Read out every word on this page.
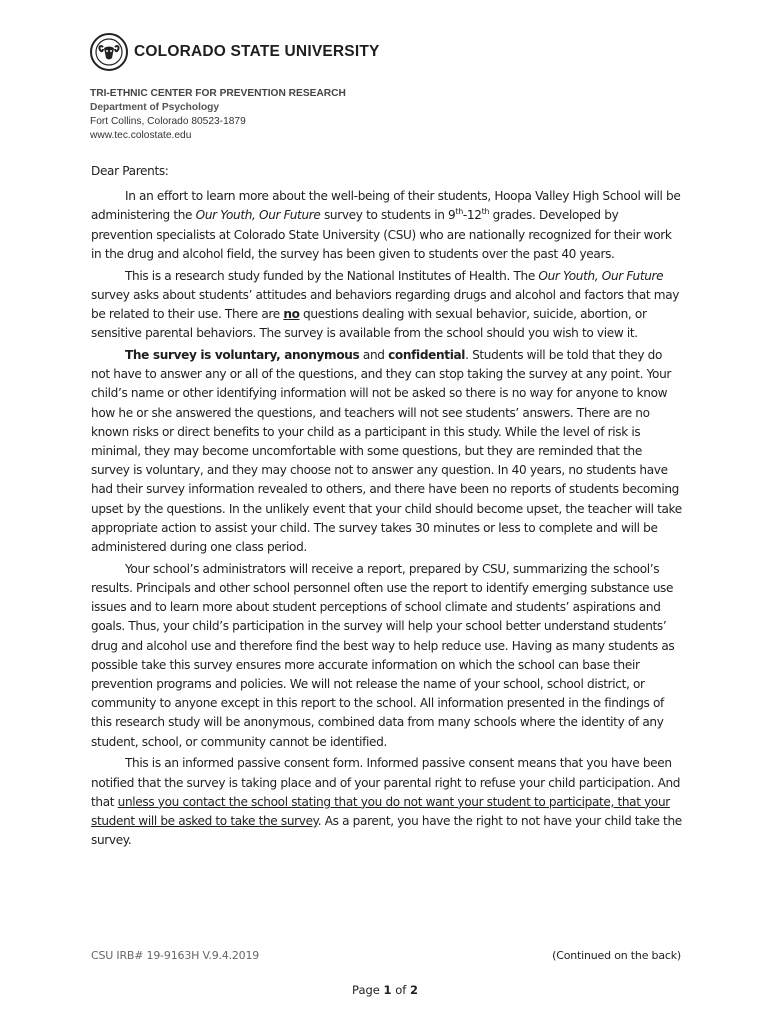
COLORADO STATE UNIVERSITY
TRI-ETHNIC CENTER FOR PREVENTION RESEARCH
Department of Psychology
Fort Collins, Colorado 80523-1879
www.tec.colostate.edu

Dear Parents:

In an effort to learn more about the well-being of their students, Hoopa Valley High School will be administering the Our Youth, Our Future survey to students in 9th-12th grades. Developed by prevention specialists at Colorado State University (CSU) who are nationally recognized for their work in the drug and alcohol field, the survey has been given to students over the past 40 years.

This is a research study funded by the National Institutes of Health. The Our Youth, Our Future survey asks about students’ attitudes and behaviors regarding drugs and alcohol and factors that may be related to their use. There are no questions dealing with sexual behavior, suicide, abortion, or sensitive parental behaviors. The survey is available from the school should you wish to view it.

The survey is voluntary, anonymous and confidential. Students will be told that they do not have to answer any or all of the questions, and they can stop taking the survey at any point. Your child’s name or other identifying information will not be asked so there is no way for anyone to know how he or she answered the questions, and teachers will not see students’ answers. There are no known risks or direct benefits to your child as a participant in this study. While the level of risk is minimal, they may become uncomfortable with some questions, but they are reminded that the survey is voluntary, and they may choose not to answer any question. In 40 years, no students have had their survey information revealed to others, and there have been no reports of students becoming upset by the questions. In the unlikely event that your child should become upset, the teacher will take appropriate action to assist your child. The survey takes 30 minutes or less to complete and will be administered during one class period.

Your school’s administrators will receive a report, prepared by CSU, summarizing the school’s results. Principals and other school personnel often use the report to identify emerging substance use issues and to learn more about student perceptions of school climate and students’ aspirations and goals. Thus, your child’s participation in the survey will help your school better understand students’ drug and alcohol use and therefore find the best way to help reduce use. Having as many students as possible take this survey ensures more accurate information on which the school can base their prevention programs and policies. We will not release the name of your school, school district, or community to anyone except in this report to the school. All information presented in the findings of this research study will be anonymous, combined data from many schools where the identity of any student, school, or community cannot be identified.

This is an informed passive consent form. Informed passive consent means that you have been notified that the survey is taking place and of your parental right to refuse your child participation. And that unless you contact the school stating that you do not want your student to participate, that your student will be asked to take the survey. As a parent, you have the right to not have your child take the survey.

CSU IRB# 19-9163H V.9.4.2019	(Continued on the back)
Page 1 of 2
